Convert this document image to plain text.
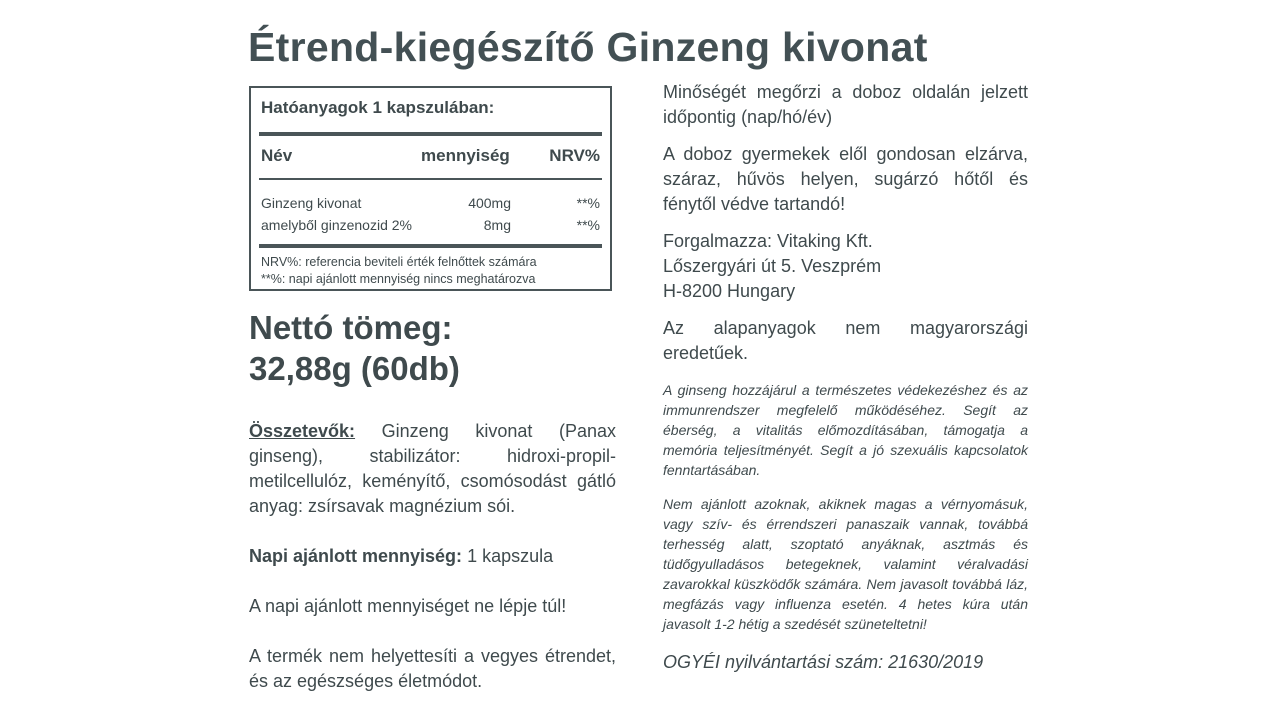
Étrend-kiegészítő Ginzeng kivonat
Hatóanyagok 1 kapszulában:
Név	mennyiség	NRV%
Ginzeng kivonat	400mg	**%
amelyből ginzenozid 2%	8mg	**%
NRV%: referencia beviteli érték felnőttek számára
**%: napi ajánlott mennyiség nincs meghatározva
Nettó tömeg:
32,88g (60db)
Összetevők: Ginzeng kivonat (Panax ginseng), stabilizátor: hidroxi-propil-metilcellulóz, keményítő, csomósodást gátló anyag: zsírsavak magnézium sói.
Napi ajánlott mennyiség: 1 kapszula
A napi ajánlott mennyiséget ne lépje túl!
A termék nem helyettesíti a vegyes étrendet, és az egészséges életmódot.
Minőségét megőrzi a doboz oldalán jelzett időpontig (nap/hó/év)
A doboz gyermekek elől gondosan elzárva, száraz, hűvös helyen, sugárzó hőtől és fénytől védve tartandó!
Forgalmazza: Vitaking Kft.
Lőszergyári út 5. Veszprém
H-8200 Hungary
Az alapanyagok nem magyarországi eredetűek.
A ginseng hozzájárul a természetes védekezéshez és az immunrendszer megfelelő működéséhez. Segít az éberség, a vitalitás előmozdításában, támogatja a memória teljesítményét. Segít a jó szexuális kapcsolatok fenntartásában.
Nem ajánlott azoknak, akiknek magas a vérnyomásuk, vagy szív- és érrendszeri panaszaik vannak, továbbá terhesség alatt, szoptató anyáknak, asztmás és tüdőgyulladásos betegeknek, valamint véralvadási zavarokkal küszködők számára. Nem javasolt továbbá láz, megfázás vagy influenza esetén. 4 hetes kúra után javasolt 1-2 hétig a szedését szüneteltetni!
OGYÉI nyilvántartási szám: 21630/2019
